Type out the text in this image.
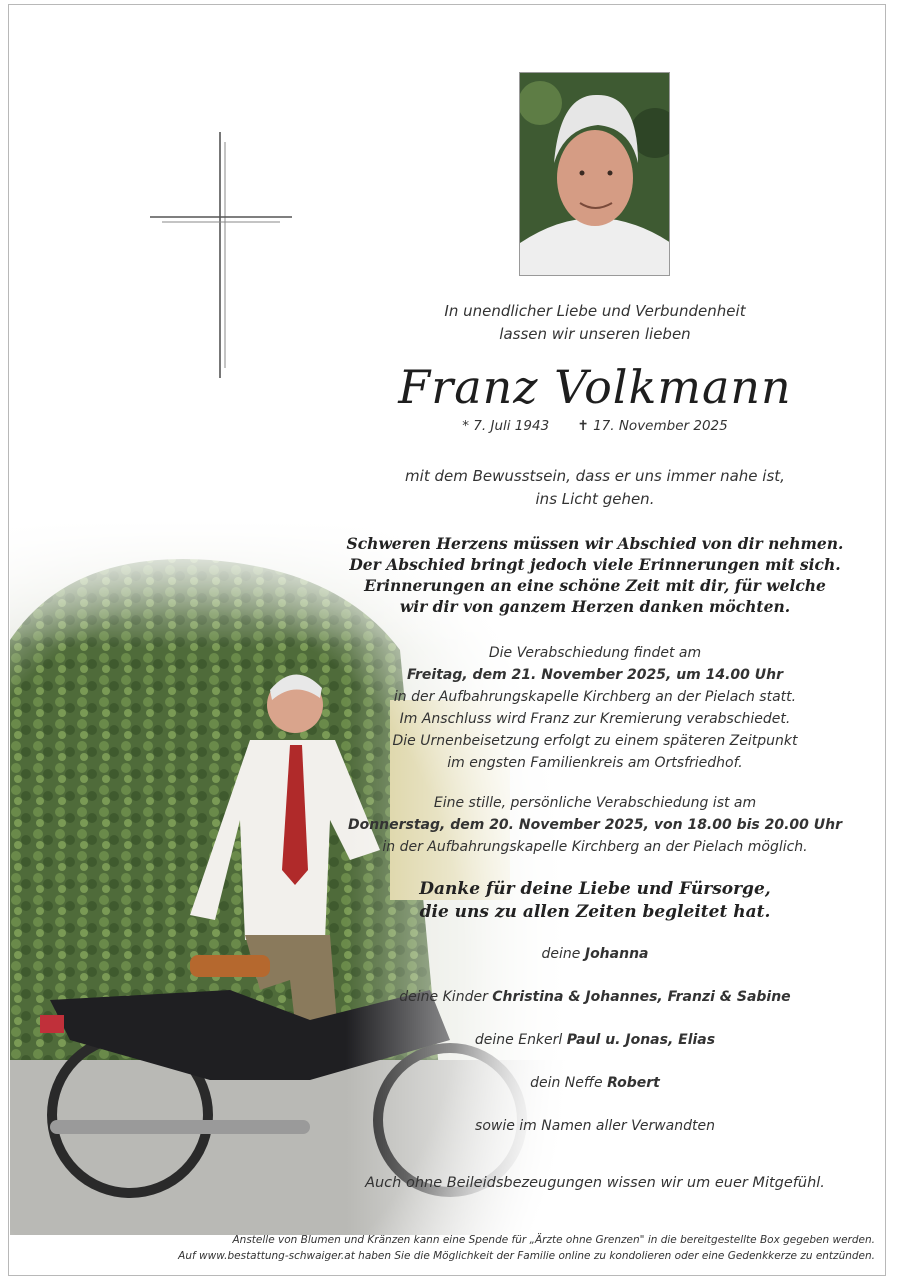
In unendlicher Liebe und Verbundenheit
lassen wir unseren lieben
Franz Volkmann
* 7. Juli 1943 ✝ 17. November 2025
mit dem Bewusstsein, dass er uns immer nahe ist,
ins Licht gehen.
Schweren Herzens müssen wir Abschied von dir nehmen.
Der Abschied bringt jedoch viele Erinnerungen mit sich.
Erinnerungen an eine schöne Zeit mit dir, für welche
wir dir von ganzem Herzen danken möchten.
Die Verabschiedung findet am
Freitag, dem 21. November 2025, um 14.00 Uhr
in der Aufbahrungskapelle Kirchberg an der Pielach statt.
Im Anschluss wird Franz zur Kremierung verabschiedet.
Die Urnenbeisetzung erfolgt zu einem späteren Zeitpunkt
im engsten Familienkreis am Ortsfriedhof.
Eine stille, persönliche Verabschiedung ist am
Donnerstag, dem 20. November 2025, von 18.00 bis 20.00 Uhr
in der Aufbahrungskapelle Kirchberg an der Pielach möglich.
Danke für deine Liebe und Fürsorge,
die uns zu allen Zeiten begleitet hat.
deine Johanna
deine Kinder Christina & Johannes, Franzi & Sabine
deine Enkerl Paul u. Jonas, Elias
dein Neffe Robert
sowie im Namen aller Verwandten
Auch ohne Beileidsbezeugungen wissen wir um euer Mitgefühl.
Anstelle von Blumen und Kränzen kann eine Spende für „Ärzte ohne Grenzen" in die bereitgestellte Box gegeben werden.
Auf www.bestattung-schwaiger.at haben Sie die Möglichkeit der Familie online zu kondolieren oder eine Gedenkkerze zu entzünden.
